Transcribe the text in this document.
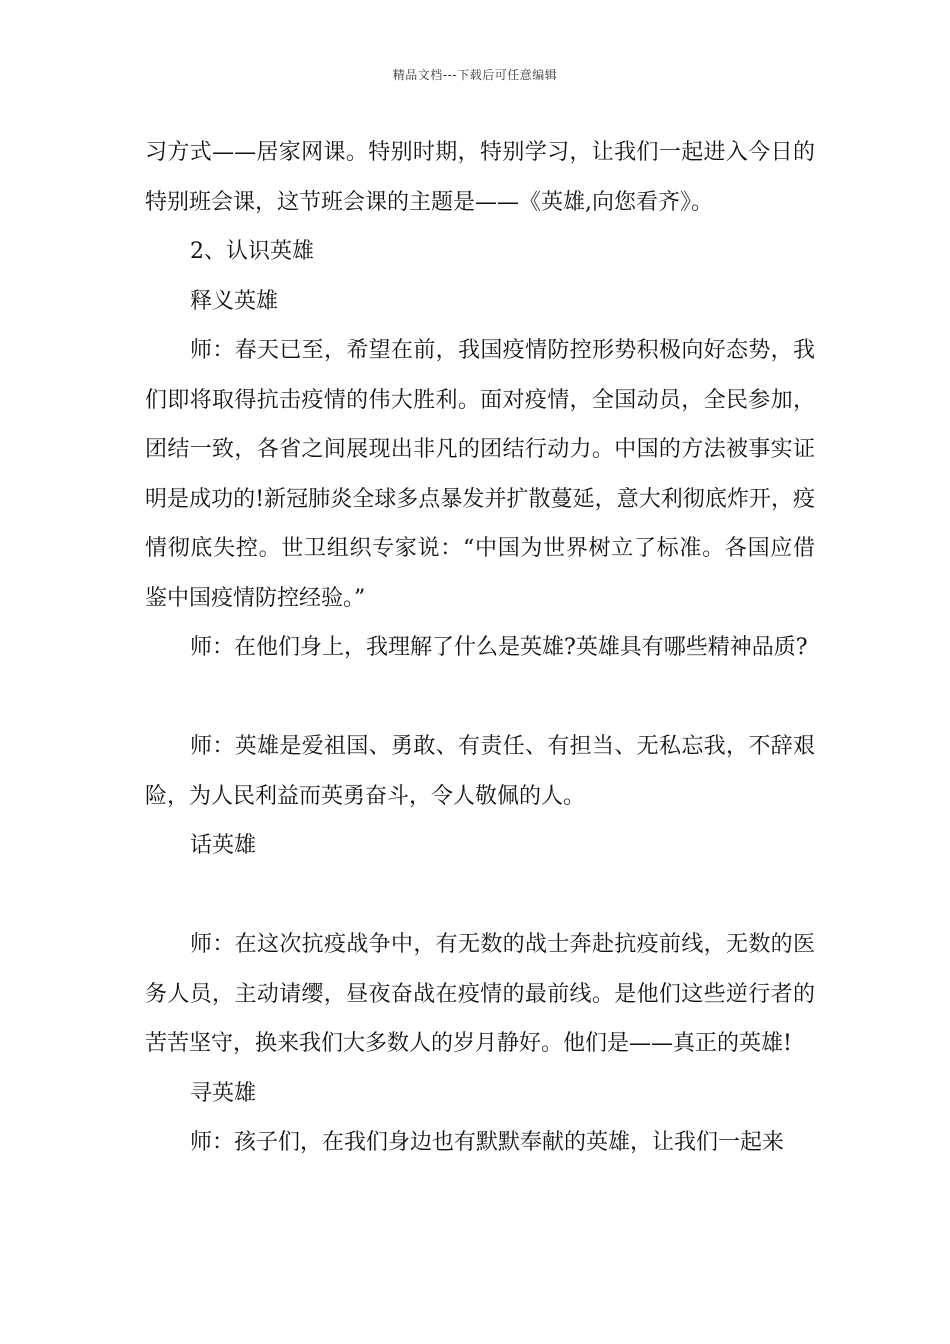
精品文档---下载后可任意编辑

习方式——居家网课。特别时期，特别学习，让我们一起进入今日的特别班会课，这节班会课的主题是——《英雄,向您看齐》。

2、认识英雄

释义英雄

师：春天已至，希望在前，我国疫情防控形势积极向好态势，我们即将取得抗击疫情的伟大胜利。面对疫情，全国动员，全民参加，团结一致，各省之间展现出非凡的团结行动力。中国的方法被事实证明是成功的!新冠肺炎全球多点暴发并扩散蔓延，意大利彻底炸开，疫情彻底失控。世卫组织专家说：“中国为世界树立了标准。各国应借鉴中国疫情防控经验。”

师：在他们身上，我理解了什么是英雄?英雄具有哪些精神品质?

师：英雄是爱祖国、勇敢、有责任、有担当、无私忘我，不辞艰险，为人民利益而英勇奋斗，令人敬佩的人。

话英雄

师：在这次抗疫战争中，有无数的战士奔赴抗疫前线，无数的医务人员，主动请缨，昼夜奋战在疫情的最前线。是他们这些逆行者的苦苦坚守，换来我们大多数人的岁月静好。他们是——真正的英雄!

寻英雄

师：孩子们，在我们身边也有默默奉献的英雄，让我们一起来
